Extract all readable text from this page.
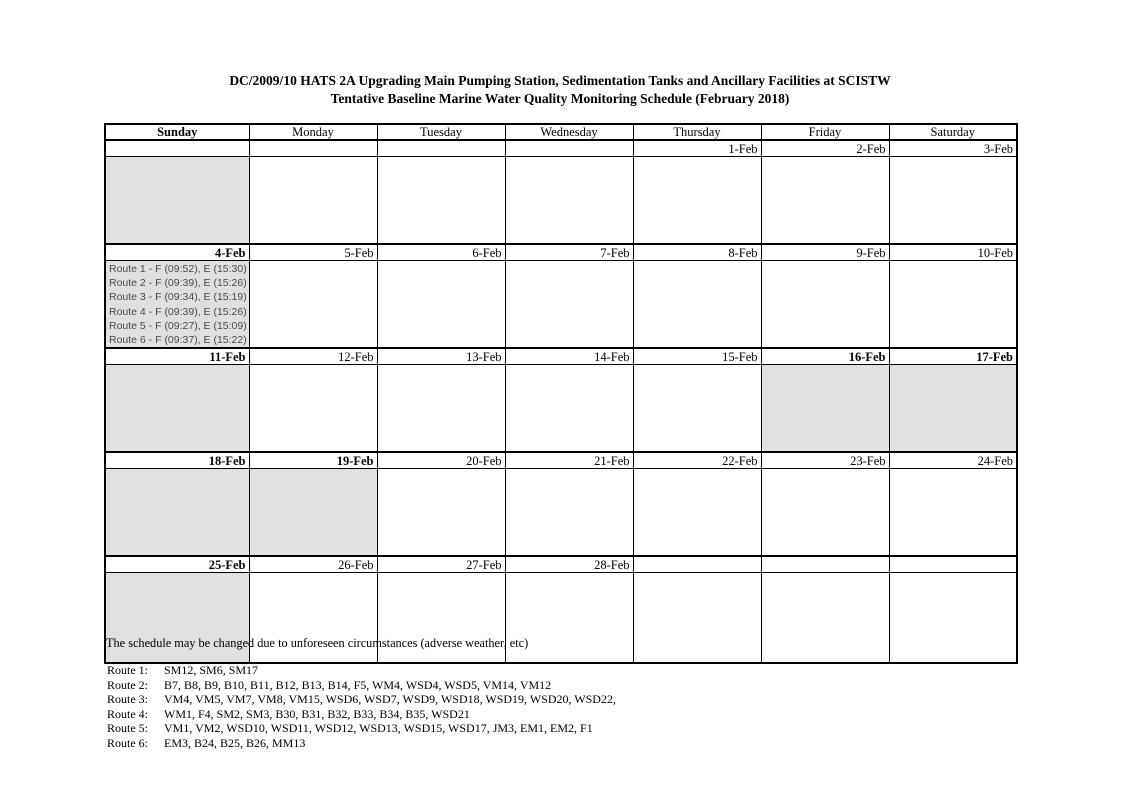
DC/2009/10 HATS 2A Upgrading Main Pumping Station, Sedimentation Tanks and Ancillary Facilities at SCISTW
Tentative Baseline Marine Water Quality Monitoring Schedule (February 2018)
Sunday	Monday	Tuesday	Wednesday	Thursday	Friday	Saturday
				1-Feb	2-Feb	3-Feb

4-Feb	5-Feb	6-Feb	7-Feb	8-Feb	9-Feb	10-Feb

Route 1 - F (09:52), E (15:30)
Route 2 - F (09:39), E (15:26)
Route 3 - F (09:34), E (15:19)
Route 4 - F (09:39), E (15:26)
Route 5 - F (09:27), E (15:09)
Route 6 - F (09:37), E (15:22)

11-Feb	12-Feb	13-Feb	14-Feb	15-Feb	16-Feb	17-Feb

18-Feb	19-Feb	20-Feb	21-Feb	22-Feb	23-Feb	24-Feb

25-Feb	26-Feb	27-Feb	28-Feb			

The schedule may be changed due to unforeseen circumstances (adverse weather, etc)
Route 1: SM12, SM6, SM17
Route 2: B7, B8, B9, B10, B11, B12, B13, B14, F5, WM4, WSD4, WSD5, VM14, VM12
Route 3: VM4, VM5, VM7, VM8, VM15, WSD6, WSD7, WSD9, WSD18, WSD19, WSD20, WSD22,
Route 4: WM1, F4, SM2, SM3, B30, B31, B32, B33, B34, B35, WSD21
Route 5: VM1, VM2, WSD10, WSD11, WSD12, WSD13, WSD15, WSD17, JM3, EM1, EM2, F1
Route 6: EM3, B24, B25, B26, MM13
